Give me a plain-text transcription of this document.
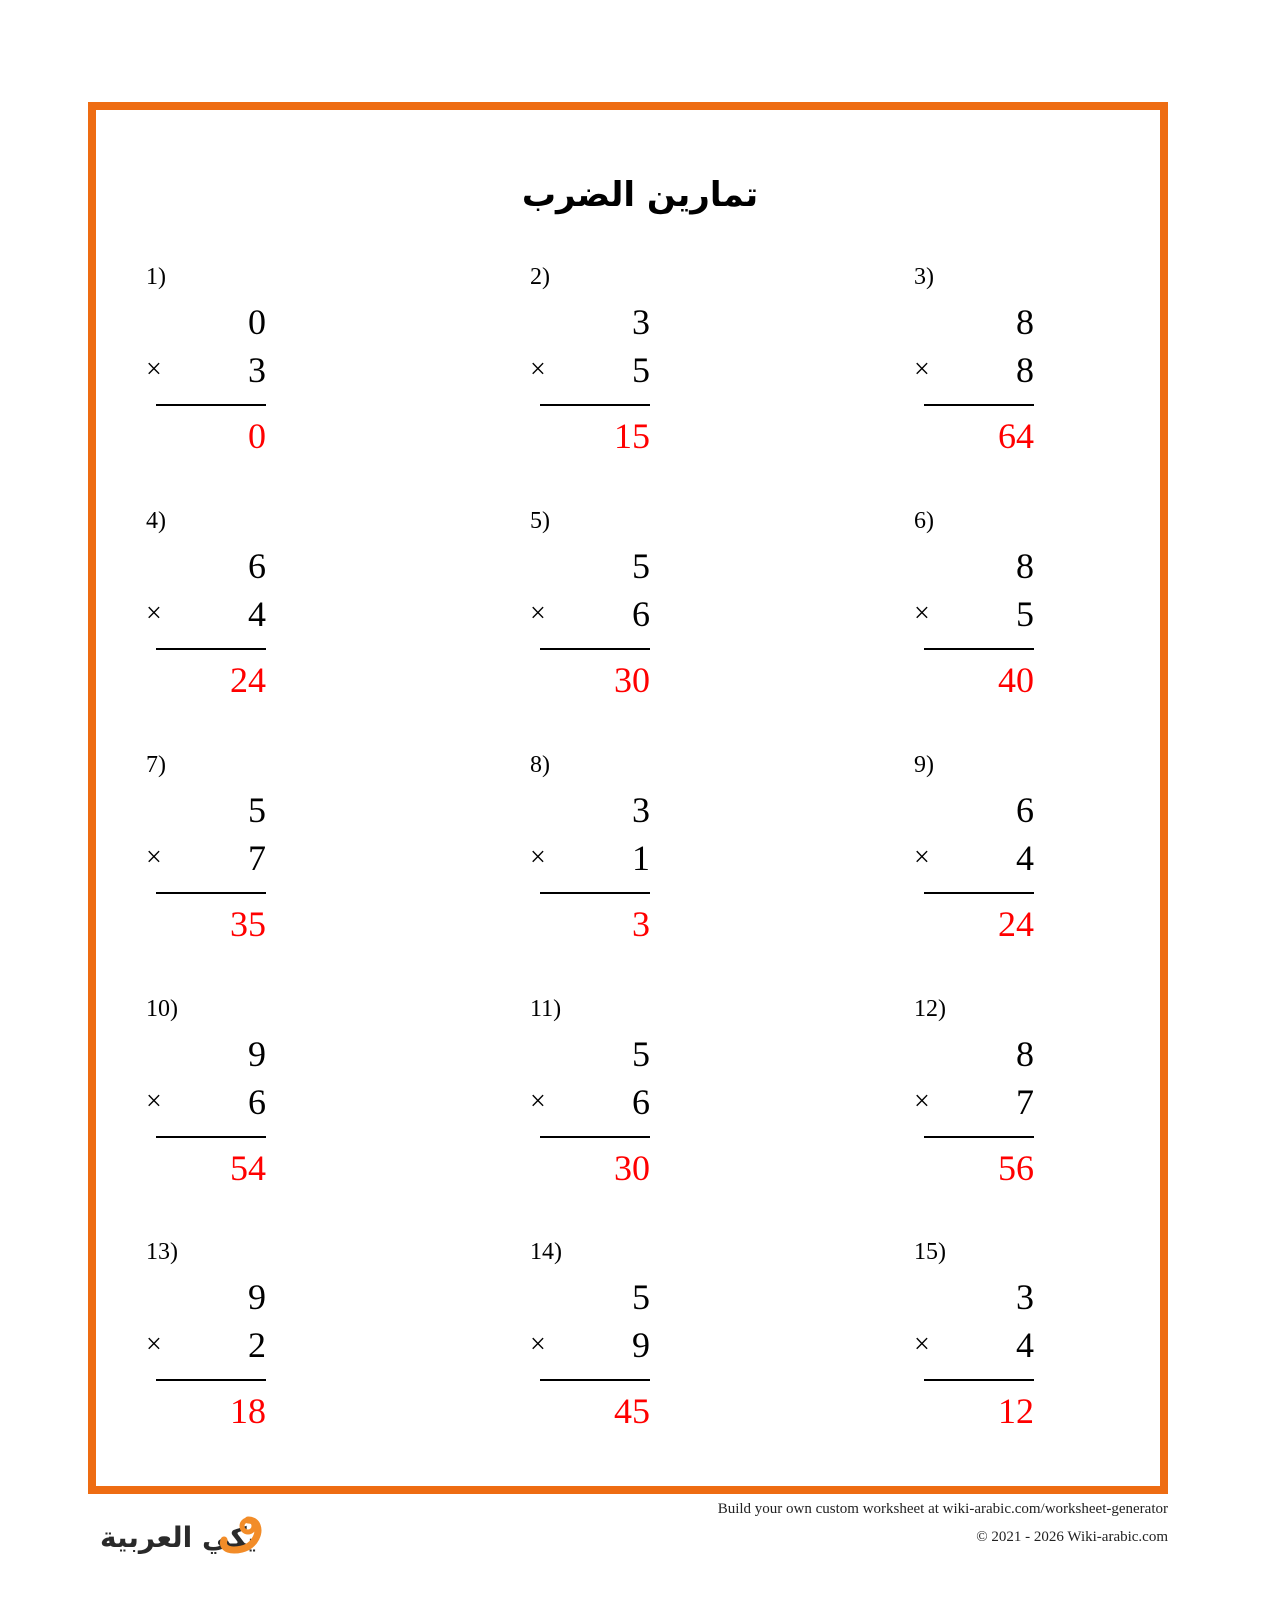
تمارين الضرب
1)
0
× 3
0
2)
3
× 5
15
3)
8
× 8
64
4)
6
× 4
24
5)
5
× 6
30
6)
8
× 5
40
7)
5
× 7
35
8)
3
× 1
3
9)
6
× 4
24
10)
9
× 6
54
11)
5
× 6
30
12)
8
× 7
56
13)
9
× 2
18
14)
5
× 9
45
15)
3
× 4
12
يكي العربية
Build your own custom worksheet at wiki-arabic.com/worksheet-generator
© 2021 - 2026 Wiki-arabic.com
